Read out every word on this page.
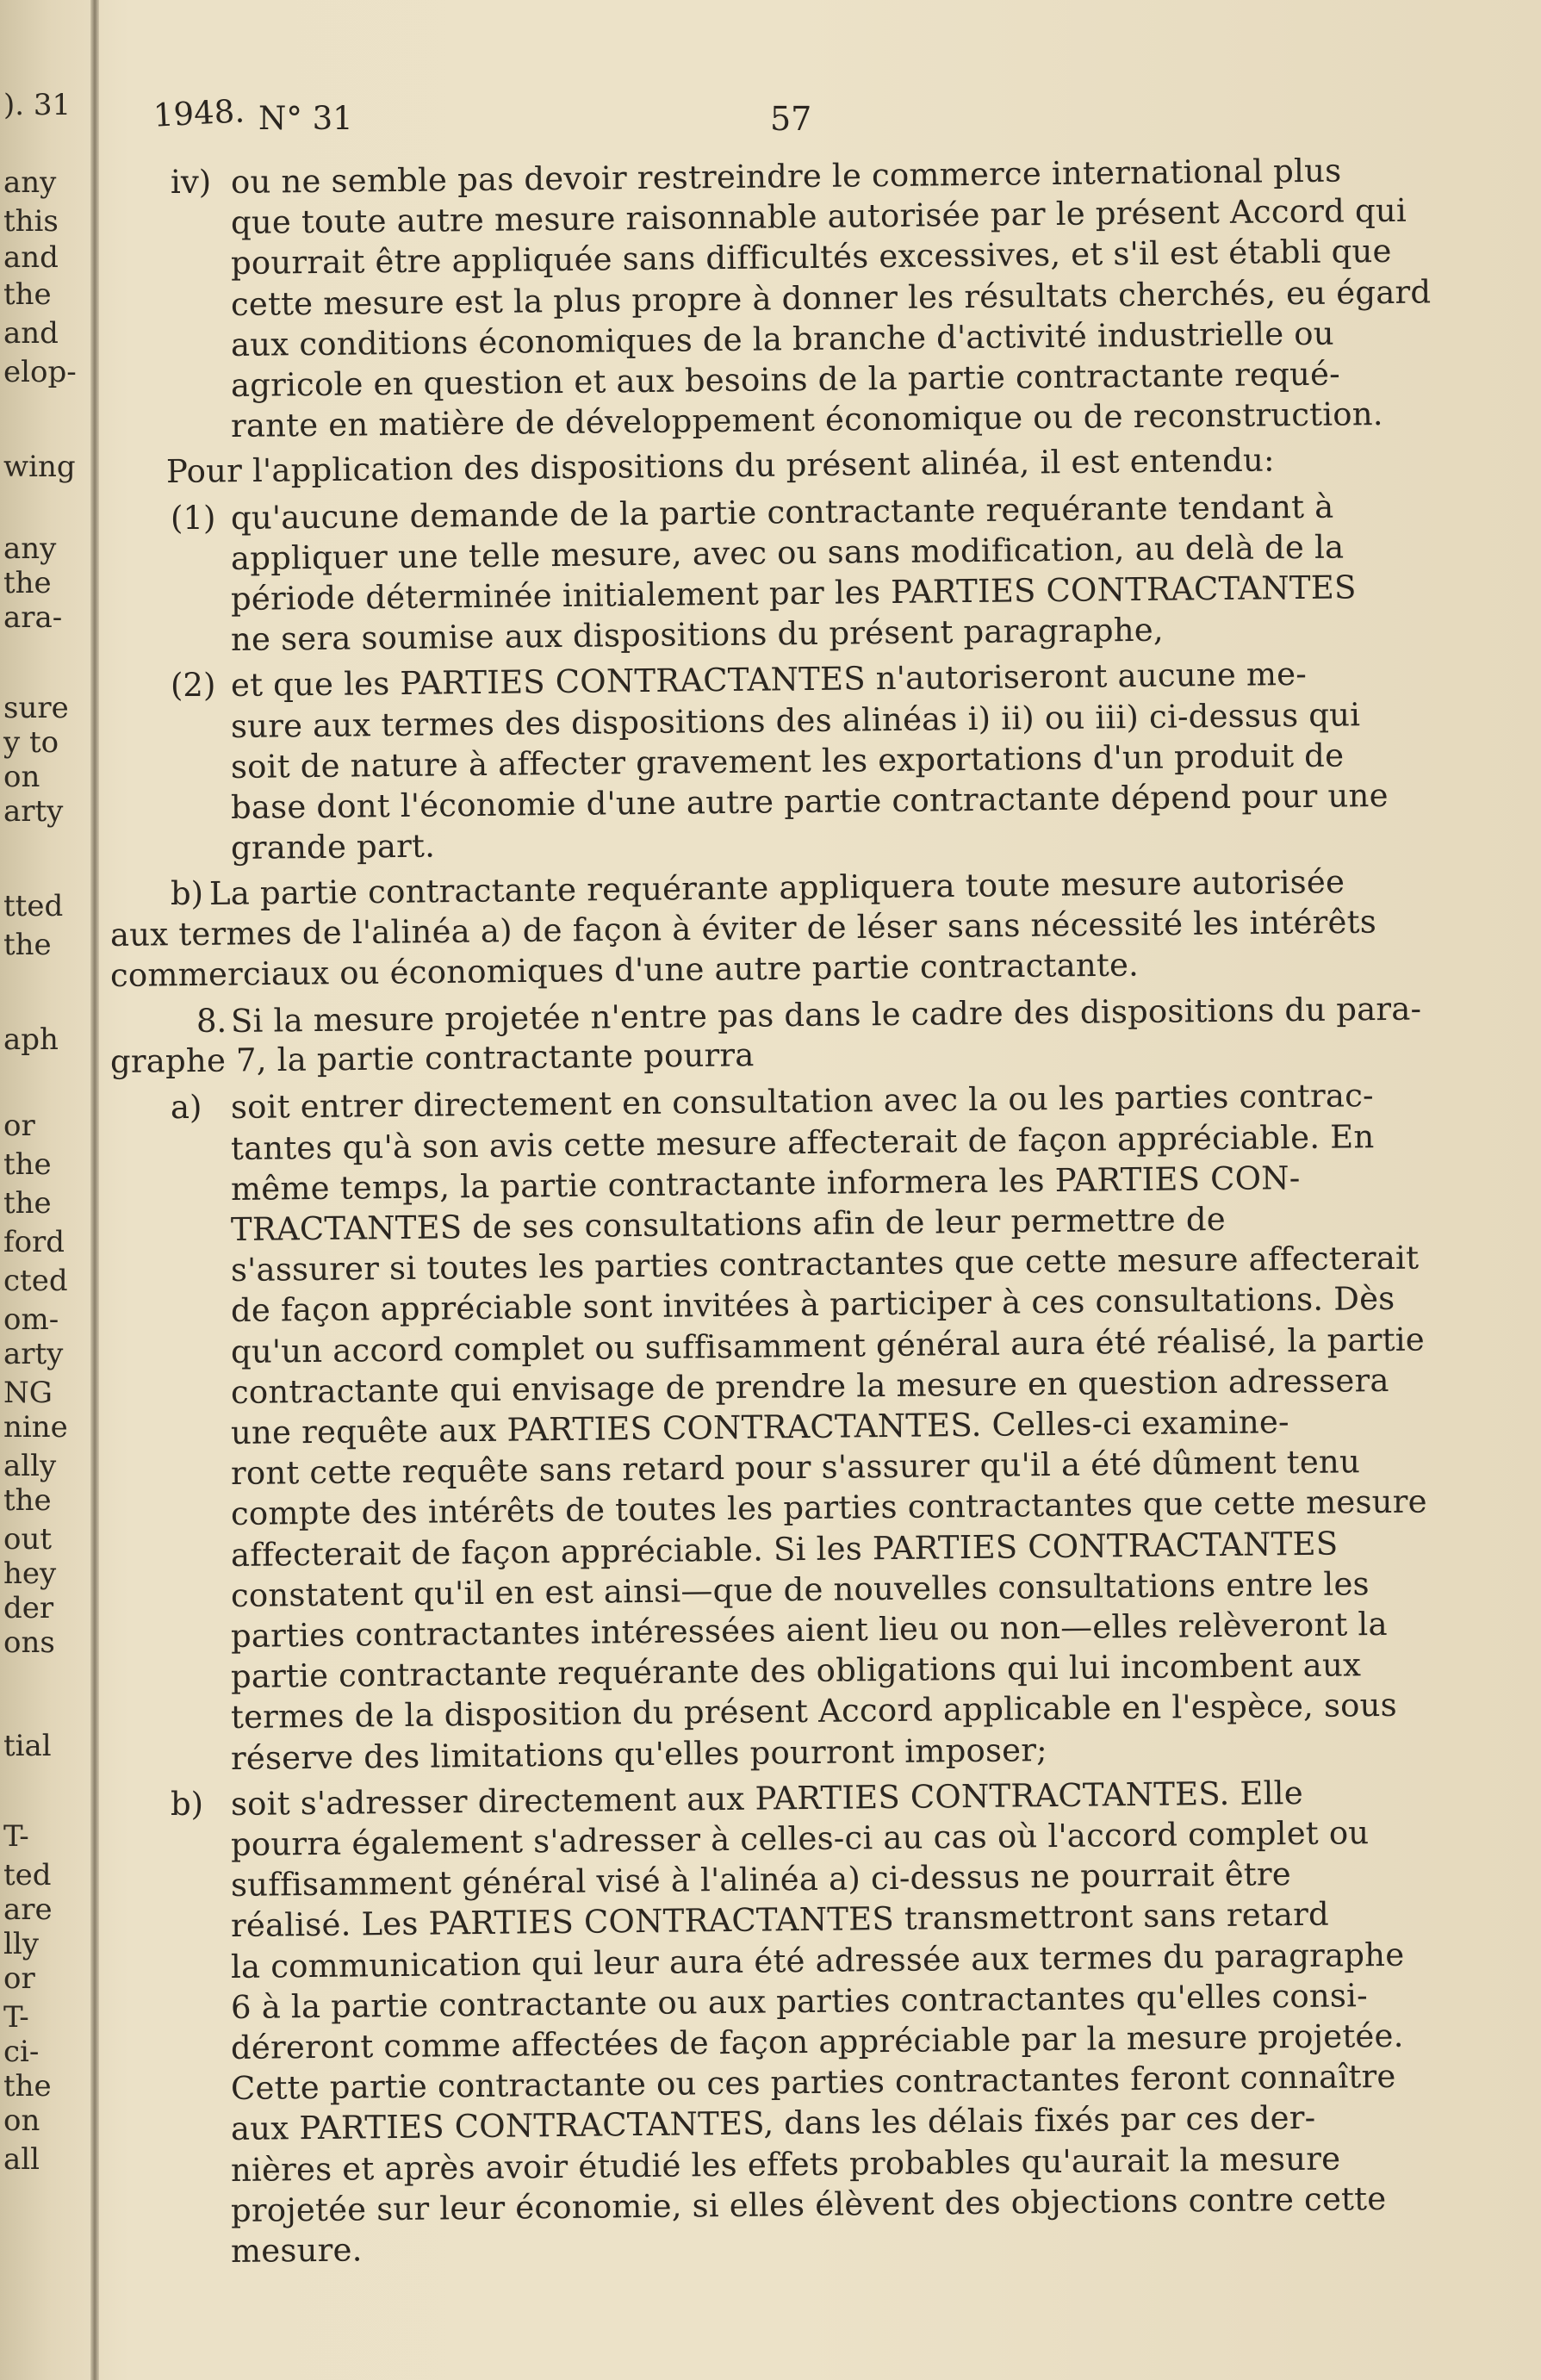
). 31
any
this
and
the
and
elop-
wing
any
the
ara-
sure
y to
on
arty
tted
the
aph
or
the
the
ford
cted
om-
arty
NG
nine
ally
the
out
hey
der
ons
tial
T-
ted
are
lly
or
T-
ci-
the
on
all
1948. N° 31	57
iv) ou ne semble pas devoir restreindre le commerce international plus
que toute autre mesure raisonnable autorisée par le présent Accord qui
pourrait être appliquée sans difficultés excessives, et s'il est établi que
cette mesure est la plus propre à donner les résultats cherchés, eu égard
aux conditions économiques de la branche d'activité industrielle ou
agricole en question et aux besoins de la partie contractante requé-
rante en matière de développement économique ou de reconstruction.
Pour l'application des dispositions du présent alinéa, il est entendu:
(1) qu'aucune demande de la partie contractante requérante tendant à
appliquer une telle mesure, avec ou sans modification, au delà de la
période déterminée initialement par les PARTIES CONTRACTANTES
ne sera soumise aux dispositions du présent paragraphe,
(2) et que les PARTIES CONTRACTANTES n'autoriseront aucune me-
sure aux termes des dispositions des alinéas i) ii) ou iii) ci-dessus qui
soit de nature à affecter gravement les exportations d'un produit de
base dont l'économie d'une autre partie contractante dépend pour une
grande part.
b) La partie contractante requérante appliquera toute mesure autorisée
aux termes de l'alinéa a) de façon à éviter de léser sans nécessité les intérêts
commerciaux ou économiques d'une autre partie contractante.
8. Si la mesure projetée n'entre pas dans le cadre des dispositions du para-
graphe 7, la partie contractante pourra
a) soit entrer directement en consultation avec la ou les parties contrac-
tantes qu'à son avis cette mesure affecterait de façon appréciable. En
même temps, la partie contractante informera les PARTIES CON-
TRACTANTES de ses consultations afin de leur permettre de
s'assurer si toutes les parties contractantes que cette mesure affecterait
de façon appréciable sont invitées à participer à ces consultations. Dès
qu'un accord complet ou suffisamment général aura été réalisé, la partie
contractante qui envisage de prendre la mesure en question adressera
une requête aux PARTIES CONTRACTANTES. Celles-ci examine-
ront cette requête sans retard pour s'assurer qu'il a été dûment tenu
compte des intérêts de toutes les parties contractantes que cette mesure
affecterait de façon appréciable. Si les PARTIES CONTRACTANTES
constatent qu'il en est ainsi—que de nouvelles consultations entre les
parties contractantes intéressées aient lieu ou non—elles relèveront la
partie contractante requérante des obligations qui lui incombent aux
termes de la disposition du présent Accord applicable en l'espèce, sous
réserve des limitations qu'elles pourront imposer;
b) soit s'adresser directement aux PARTIES CONTRACTANTES. Elle
pourra également s'adresser à celles-ci au cas où l'accord complet ou
suffisamment général visé à l'alinéa a) ci-dessus ne pourrait être
réalisé. Les PARTIES CONTRACTANTES transmettront sans retard
la communication qui leur aura été adressée aux termes du paragraphe
6 à la partie contractante ou aux parties contractantes qu'elles consi-
déreront comme affectées de façon appréciable par la mesure projetée.
Cette partie contractante ou ces parties contractantes feront connaître
aux PARTIES CONTRACTANTES, dans les délais fixés par ces der-
nières et après avoir étudié les effets probables qu'aurait la mesure
projetée sur leur économie, si elles élèvent des objections contre cette
mesure.
